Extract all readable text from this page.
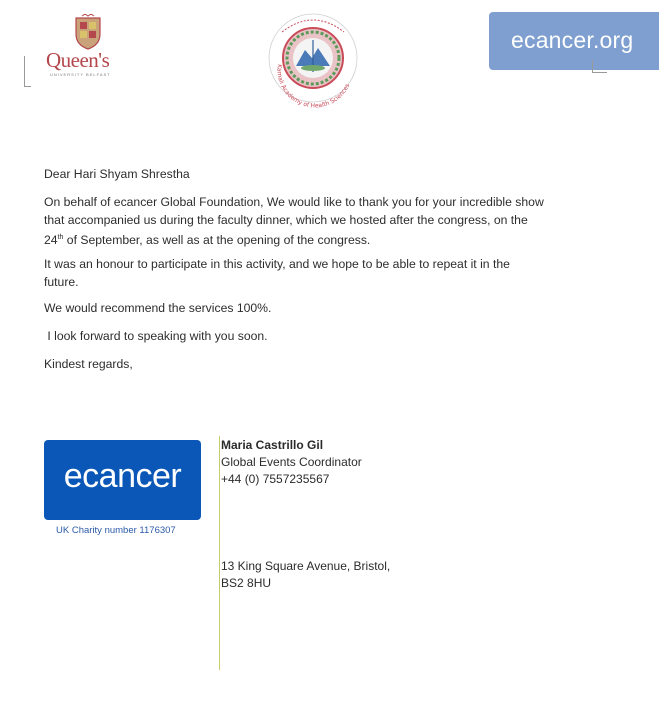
Queen's
UNIVERSITY BELFAST
Karnali Academy of Health Sciences
ecancer.org
Dear Hari Shyam Shrestha
On behalf of ecancer Global Foundation, We would like to thank you for your incredible show
that accompanied us during the faculty dinner, which we hosted after the congress, on the
24th of September, as well as at the opening of the congress.
It was an honour to participate in this activity, and we hope to be able to repeat it in the
future.
We would recommend the services 100%.
I look forward to speaking with you soon.
Kindest regards,
ecancer
UK Charity number 1176307
Maria Castrillo Gil
Global Events Coordinator
+44 (0) 7557235567
13 King Square Avenue, Bristol,
BS2 8HU
